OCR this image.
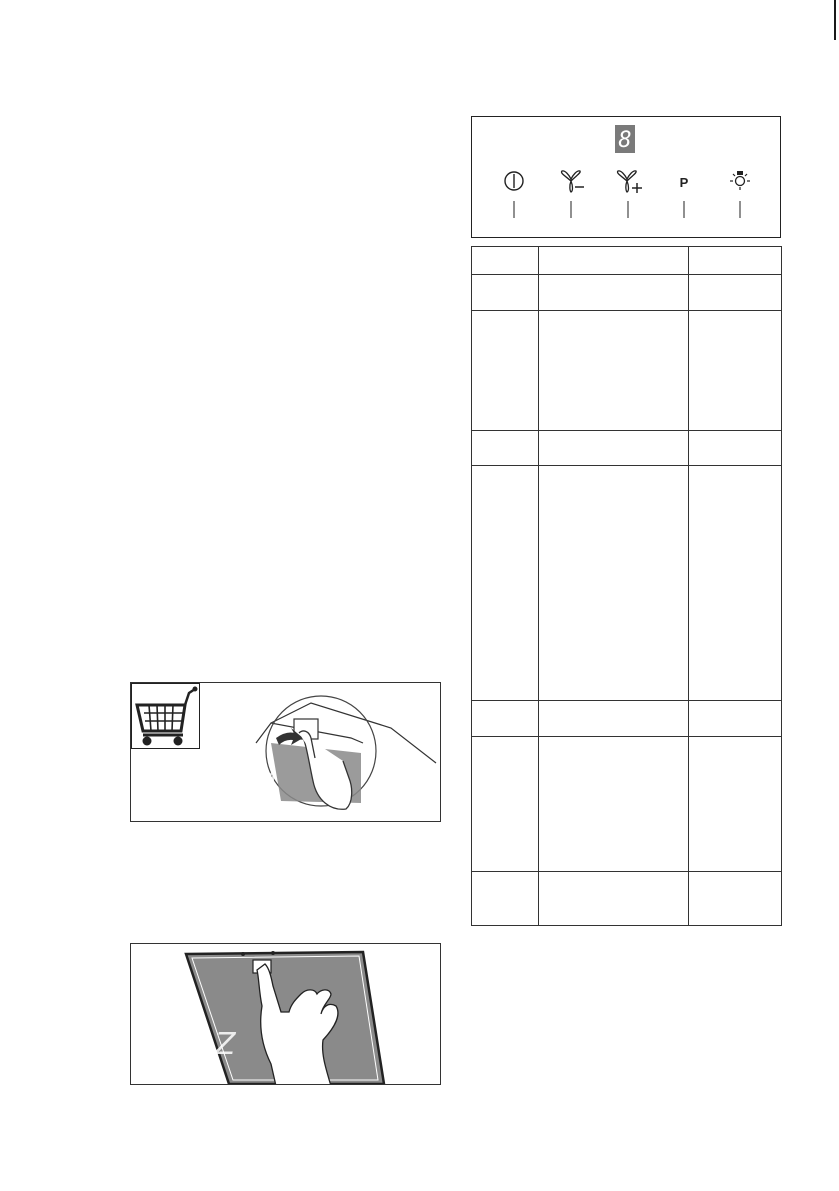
8
P

M
Z
